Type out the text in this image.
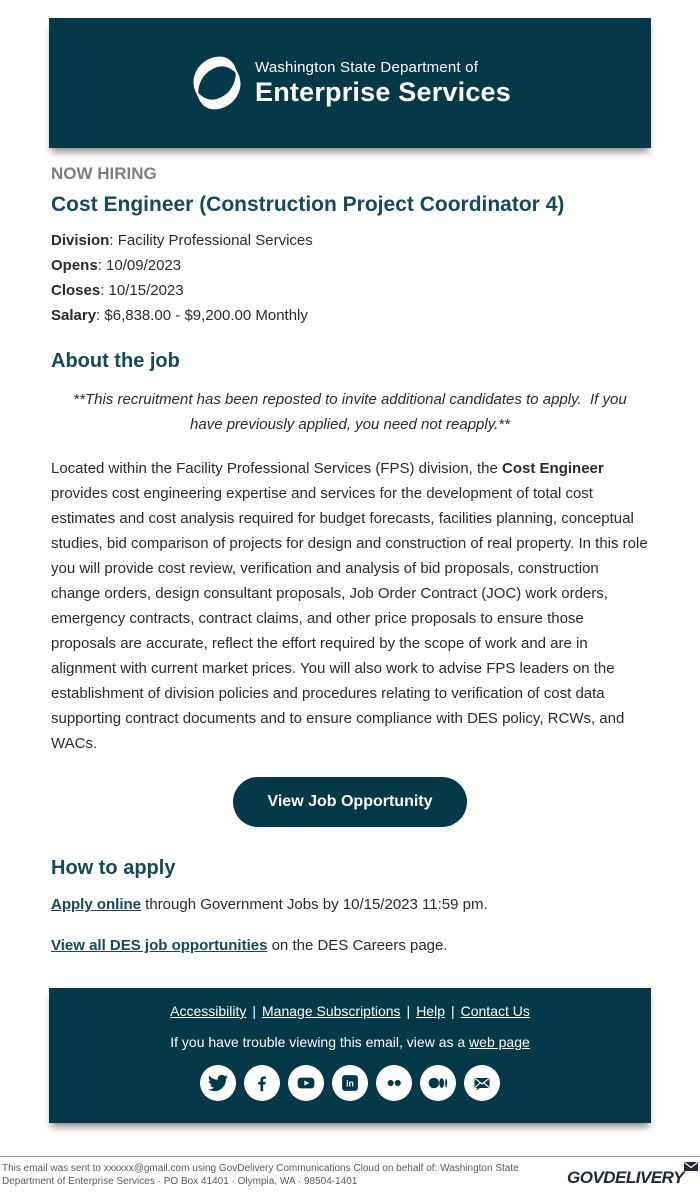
Washington State Department of
Enterprise Services
NOW HIRING
Cost Engineer (Construction Project Coordinator 4)
Division: Facility Professional Services
Opens: 10/09/2023
Closes: 10/15/2023
Salary: $6,838.00 - $9,200.00 Monthly
About the job

**This recruitment has been reposted to invite additional candidates to apply.  If you have previously applied, you need not reapply.**

Located within the Facility Professional Services (FPS) division, the Cost Engineer provides cost engineering expertise and services for the development of total cost estimates and cost analysis required for budget forecasts, facilities planning, conceptual studies, bid comparison of projects for design and construction of real property. In this role you will provide cost review, verification and analysis of bid proposals, construction change orders, design consultant proposals, Job Order Contract (JOC) work orders, emergency contracts, contract claims, and other price proposals to ensure those proposals are accurate, reflect the effort required by the scope of work and are in alignment with current market prices. You will also work to advise FPS leaders on the establishment of division policies and procedures relating to verification of cost data supporting contract documents and to ensure compliance with DES policy, RCWs, and WACs.

View Job Opportunity
How to apply

Apply online through Government Jobs by 10/15/2023 11:59 pm.

View all DES job opportunities on the DES Careers page.

Accessibility | Manage Subscriptions | Help | Contact Us
If you have trouble viewing this email, view as a web page
in
This email was sent to xxxxxx@gmail.com using GovDelivery Communications Cloud on behalf of: Washington State Department of Enterprise Services · PO Box 41401 · Olympia, WA · 98504-1401	GOVDELIVERY
